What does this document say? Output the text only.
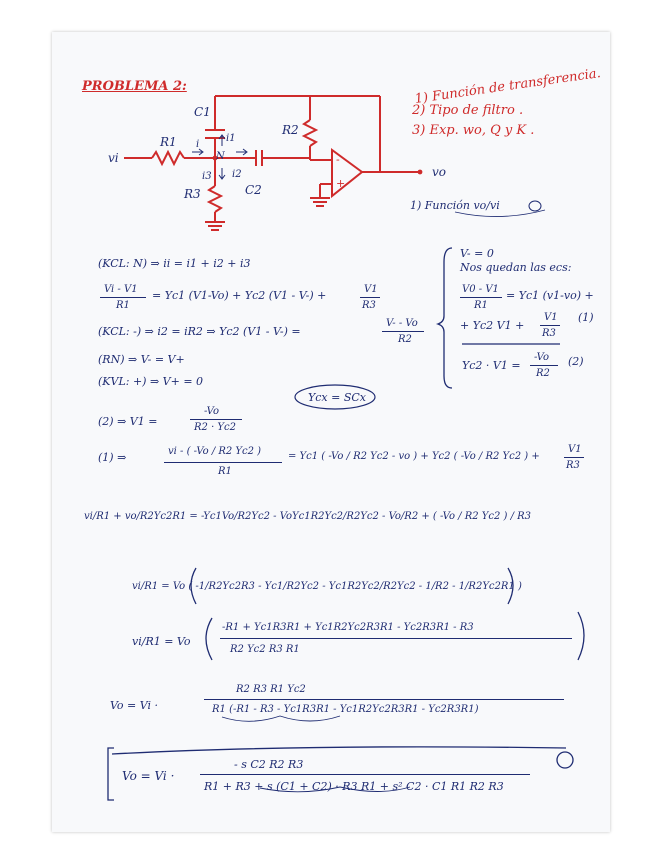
PROBLEMA 2:	1) Función de transferencia.
2) Tipo de filtro .
3) Exp. wo, Q y K .
vi
R1
C1
R2
C2
R3
vo
N
i1
i
i3 i2
-
+
1) Función vo/vi
V- = 0
Nos quedan las ecs:
V0 - V1
R1
= Yc1 (v1-vo) +
+ Yc2 V1 +
V1
R3
(1)
Yc2 · V1 =
-Vo
R2
(2)
Ycx = SCx
(KCL: N) ⇒ ii = i1 + i2 + i3
Vi - V1
R1
= Yc1 (V1-Vo) + Yc2 (V1 - V-) +	V1
R3
(KCL: -) ⇒ i2 = iR2 ⇒ Yc2 (V1 - V-) =
V- - Vo
R2
(RN) ⇒ V- = V+
(KVL: +) ⇒ V+ = 0
(2) ⇒ V1 =
-Vo
R2 · Yc2
(1) ⇒	vi - ( -Vo / R2 Yc2 )
R1
= Yc1 ( -Vo / R2 Yc2 - vo ) + Yc2 ( -Vo / R2 Yc2 ) +
V1
R3
vi/R1 + vo/R2Yc2R1 = -Yc1Vo/R2Yc2 - VoYc1R2Yc2/R2Yc2 - Vo/R2 + ( -Vo / R2 Yc2 ) / R3
vi/R1 = Vo ( -1/R2Yc2R3 - Yc1/R2Yc2 - Yc1R2Yc2/R2Yc2 - 1/R2 - 1/R2Yc2R1 )
vi/R1 = Vo
-R1 + Yc1R3R1 + Yc1R2Yc2R3R1 - Yc2R3R1 - R3
R2 Yc2 R3 R1
Vo = Vi ·
R2 R3 R1 Yc2
R1 (-R1 - R3 - Yc1R3R1 - Yc1R2Yc2R3R1 - Yc2R3R1)
Vo = Vi ·
- s C2 R2 R3
R1 + R3 + s (C1 + C2) · R3 R1 + s² C2 · C1 R1 R2 R3
